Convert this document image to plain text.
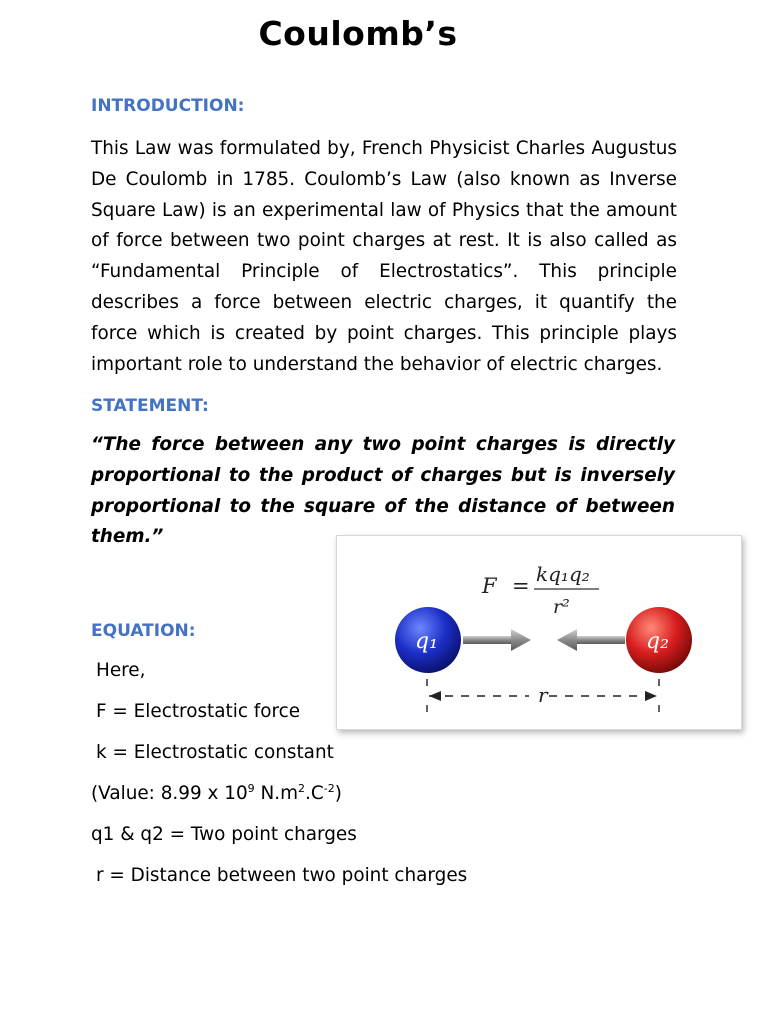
Coulomb’s
INTRODUCTION:

This Law was formulated by, French Physicist Charles Augustus De Coulomb in 1785. Coulomb’s Law (also known as Inverse Square Law) is an experimental law of Physics that the amount of force between two point charges at rest. It is also called as “Fundamental Principle of Electrostatics”. This principle describes a force between electric charges, it quantify the force which is created by point charges. This principle plays important role to understand the behavior of electric charges.

STATEMENT:

“The force between any two point charges is directly proportional to the product of charges but is inversely proportional to the square of the distance of between them.”

F = kq₁q₂
r²
q₁	q₂
r
EQUATION:
Here,
F = Electrostatic force
k = Electrostatic constant
(Value: 8.99 x $10^9$ $N.m^2.C^{-2}$)
q1 & q2 = Two point charges
r = Distance between two point charges
